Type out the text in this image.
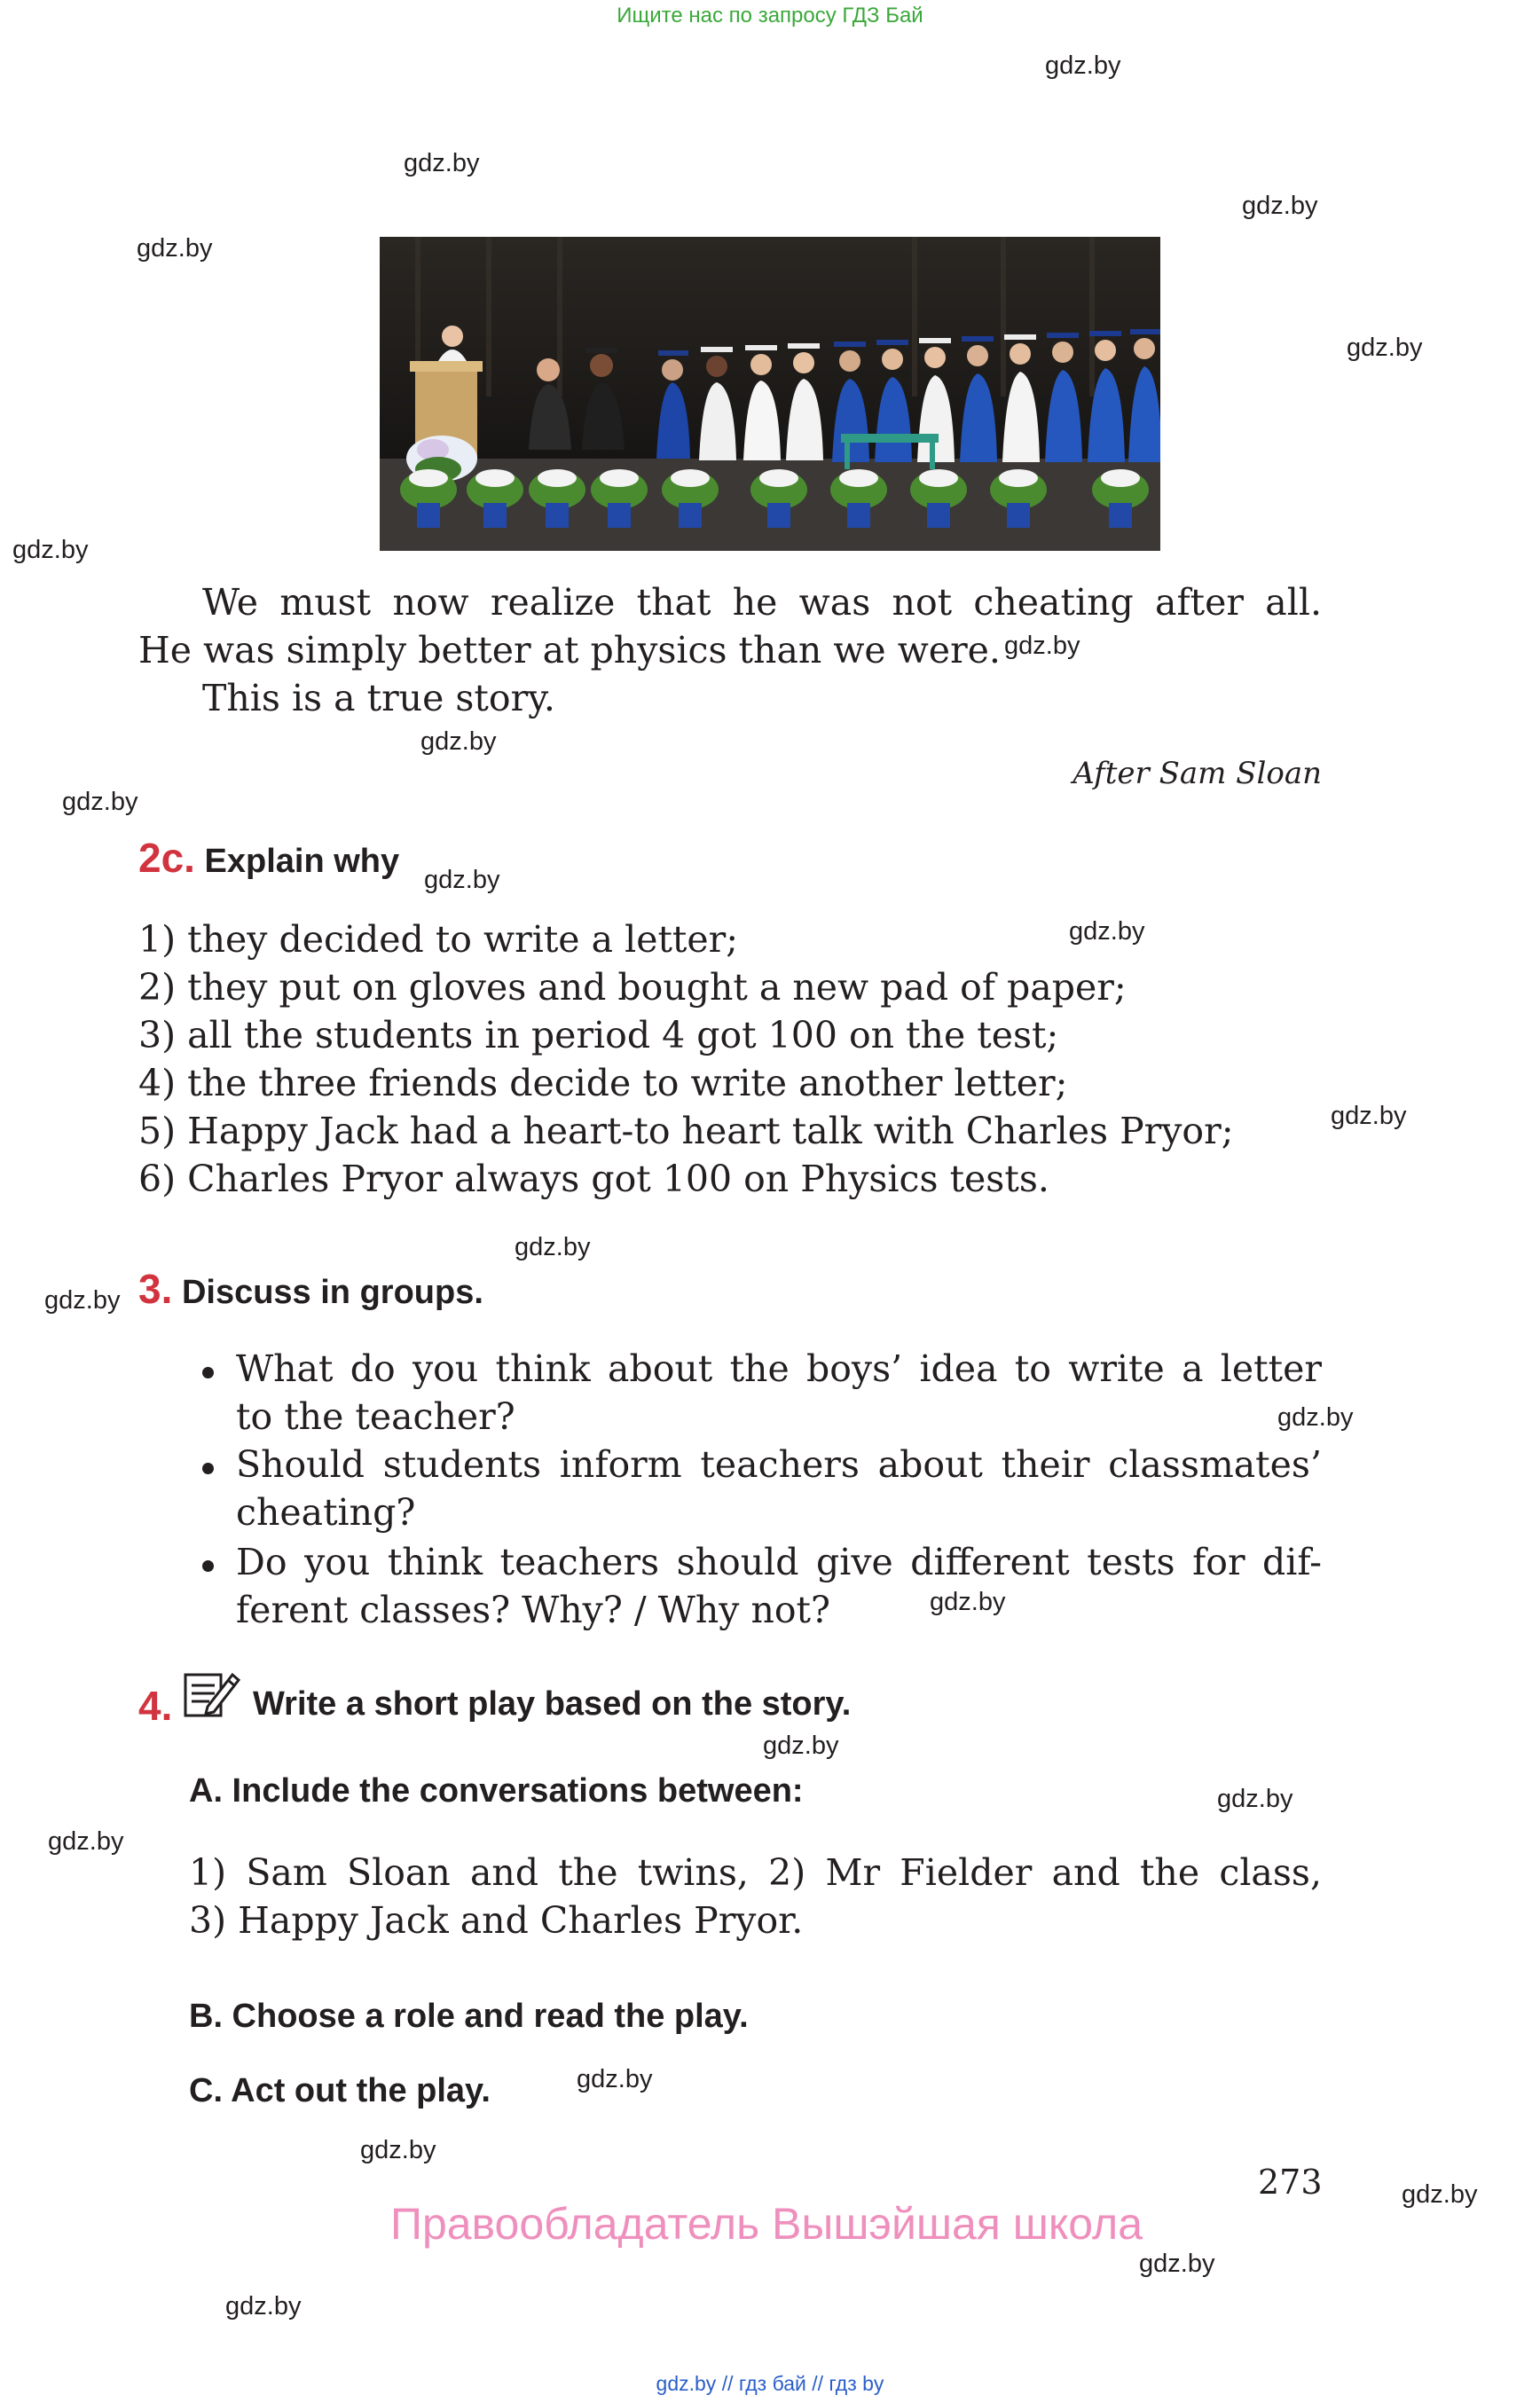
Ищите нас по запросу ГДЗ Бай
gdz.by
gdz.by
gdz.by
gdz.by
gdz.by
gdz.by
gdz.by
gdz.by
gdz.by
gdz.by
gdz.by
gdz.by
gdz.by
gdz.by
gdz.by
gdz.by
gdz.by
gdz.by
gdz.by
gdz.by
gdz.by
gdz.by
gdz.by
gdz.by
We must now realize that he was not cheating after all.
He was simply better at physics than we were.
This is a true story.
After Sam Sloan
2c. Explain why
1) they decided to write a letter;
2) they put on gloves and bought a new pad of paper;
3) all the students in period 4 got 100 on the test;
4) the three friends decide to write another letter;
5) Happy Jack had a heart-to heart talk with Charles Pryor;
6) Charles Pryor always got 100 on Physics tests.
3. Discuss in groups.
What do you think about the boys’ idea to write a letter
to the teacher?
Should students inform teachers about their classmates’
cheating?
Do you think teachers should give different tests for dif-
ferent classes? Why? / Why not?
4. Write a short play based on the story.
A. Include the conversations between:
1) Sam Sloan and the twins, 2) Mr Fielder and the class,
3) Happy Jack and Charles Pryor.
B. Choose a role and read the play.
C. Act out the play.
273
Правообладатель Вышэйшая школа
gdz.by // гдз бай // гдз by
